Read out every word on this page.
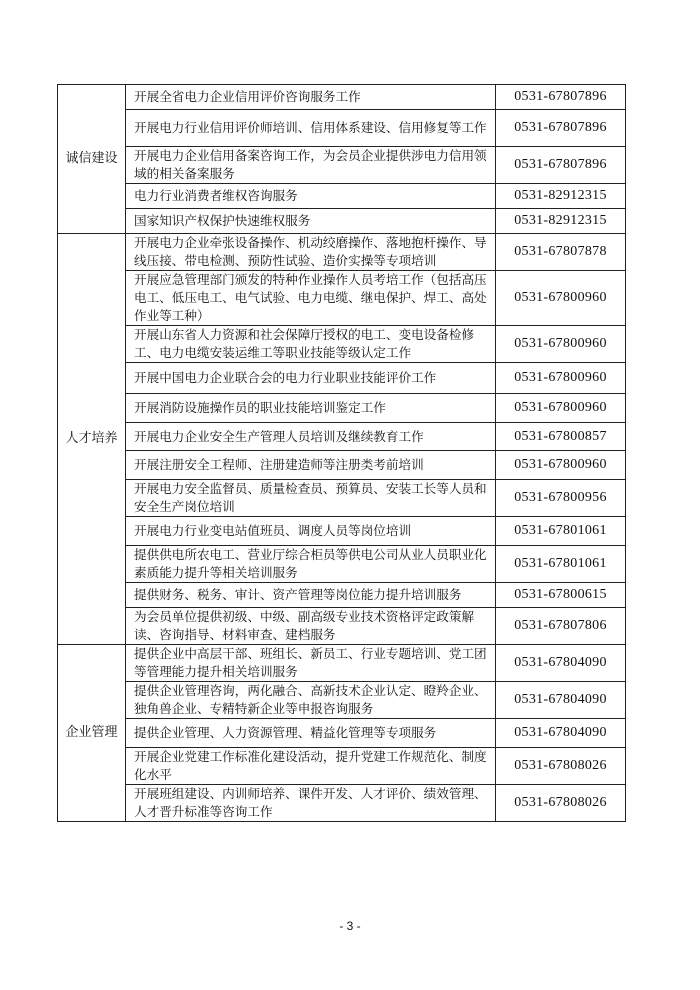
诚信建设	开展全省电力企业信用评价咨询服务工作	0531-67807896
	开展电力行业信用评价师培训、信用体系建设、信用修复等工作	0531-67807896
	开展电力企业信用备案咨询工作，为会员企业提供涉电力信用领域的相关备案服务	0531-67807896
	电力行业消费者维权咨询服务	0531-82912315
	国家知识产权保护快速维权服务	0531-82912315
人才培养	开展电力企业牵张设备操作、机动绞磨操作、落地抱杆操作、导线压接、带电检测、预防性试验、造价实操等专项培训	0531-67807878
	开展应急管理部门颁发的特种作业操作人员考培工作（包括高压电工、低压电工、电气试验、电力电缆、继电保护、焊工、高处作业等工种）	0531-67800960
	开展山东省人力资源和社会保障厅授权的电工、变电设备检修工、电力电缆安装运维工等职业技能等级认定工作	0531-67800960
	开展中国电力企业联合会的电力行业职业技能评价工作	0531-67800960
	开展消防设施操作员的职业技能培训鉴定工作	0531-67800960
	开展电力企业安全生产管理人员培训及继续教育工作	0531-67800857
	开展注册安全工程师、注册建造师等注册类考前培训	0531-67800960
	开展电力安全监督员、质量检查员、预算员、安装工长等人员和安全生产岗位培训	0531-67800956
	开展电力行业变电站值班员、调度人员等岗位培训	0531-67801061
	提供供电所农电工、营业厅综合柜员等供电公司从业人员职业化素质能力提升等相关培训服务	0531-67801061
	提供财务、税务、审计、资产管理等岗位能力提升培训服务	0531-67800615
	为会员单位提供初级、中级、副高级专业技术资格评定政策解读、咨询指导、材料审查、建档服务	0531-67807806
企业管理	提供企业中高层干部、班组长、新员工、行业专题培训、党工团等管理能力提升相关培训服务	0531-67804090
	提供企业管理咨询，两化融合、高新技术企业认定、瞪羚企业、独角兽企业、专精特新企业等申报咨询服务	0531-67804090
	提供企业管理、人力资源管理、精益化管理等专项服务	0531-67804090
	开展企业党建工作标准化建设活动，提升党建工作规范化、制度化水平	0531-67808026
	开展班组建设、内训师培养、课件开发、人才评价、绩效管理、人才晋升标准等咨询工作	0531-67808026
- 3 -
